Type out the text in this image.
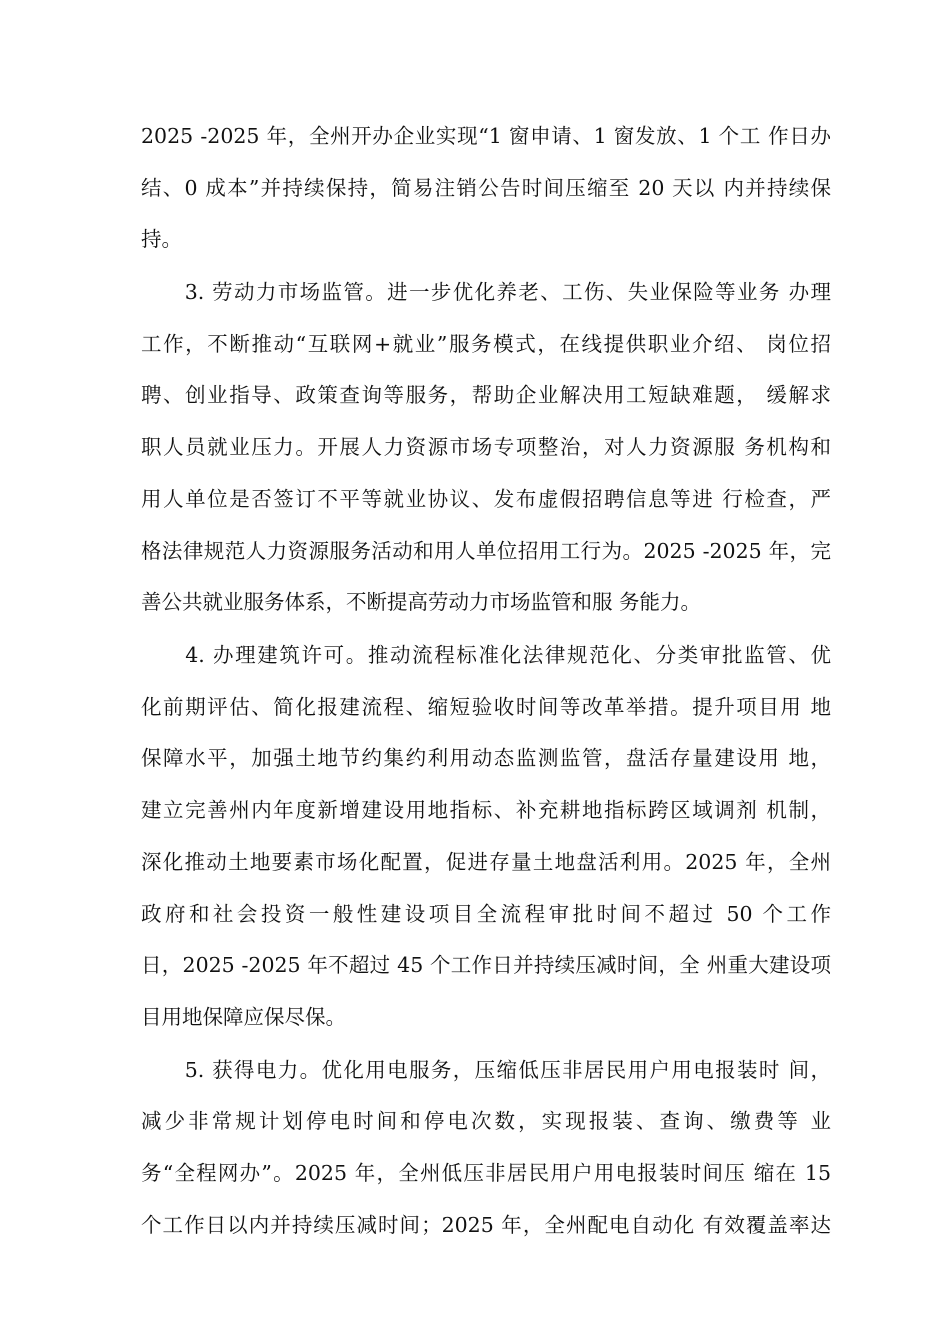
2025 -2025 年，全州开办企业实现“1 窗申请、1 窗发放、1 个工 作日办
结、0 成本”并持续保持，简易注销公告时间压缩至 20 天以 内并持续保
持。
　　3. 劳动力市场监管。进一步优化养老、工伤、失业保险等业务 办理
工作，不断推动“互联网+就业”服务模式，在线提供职业介绍、 岗位招
聘、创业指导、政策查询等服务，帮助企业解决用工短缺难题， 缓解求
职人员就业压力。开展人力资源市场专项整治，对人力资源服 务机构和
用人单位是否签订不平等就业协议、发布虚假招聘信息等进 行检查，严
格法律规范人力资源服务活动和用人单位招用工行为。2025 -2025 年，完
善公共就业服务体系，不断提高劳动力市场监管和服 务能力。
　　4. 办理建筑许可。推动流程标准化法律规范化、分类审批监管、优
化前期评估、简化报建流程、缩短验收时间等改革举措。提升项目用 地
保障水平，加强土地节约集约利用动态监测监管，盘活存量建设用 地，
建立完善州内年度新增建设用地指标、补充耕地指标跨区域调剂 机制，
深化推动土地要素市场化配置，促进存量土地盘活利用。2025 年，全州
政府和社会投资一般性建设项目全流程审批时间不超过 50 个工作
日，2025 -2025 年不超过 45 个工作日并持续压减时间，全 州重大建设项
目用地保障应保尽保。
　　5. 获得电力。优化用电服务，压缩低压非居民用户用电报装时 间，
减少非常规计划停电时间和停电次数，实现报装、查询、缴费等 业
务“全程网办”。2025 年，全州低压非居民用户用电报装时间压 缩在 15
个工作日以内并持续压减时间；2025 年，全州配电自动化 有效覆盖率达
